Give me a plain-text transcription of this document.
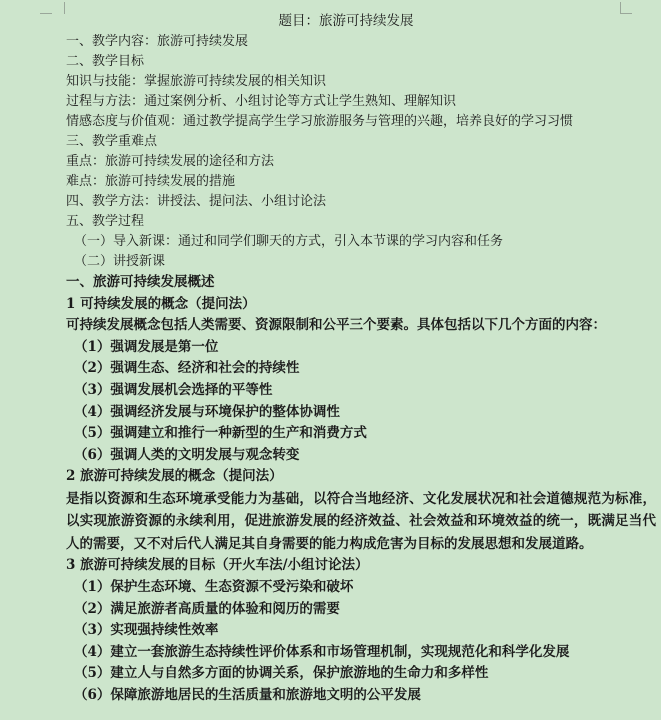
题目：旅游可持续发展
一、教学内容：旅游可持续发展
二、教学目标
知识与技能：掌握旅游可持续发展的相关知识
过程与方法：通过案例分析、小组讨论等方式让学生熟知、理解知识
情感态度与价值观：通过教学提高学生学习旅游服务与管理的兴趣，培养良好的学习习惯
三、教学重难点
重点：旅游可持续发展的途径和方法
难点：旅游可持续发展的措施
四、教学方法：讲授法、提问法、小组讨论法
五、教学过程
（一）导入新课：通过和同学们聊天的方式，引入本节课的学习内容和任务
（二）讲授新课
一、旅游可持续发展概述
1 可持续发展的概念（提问法）
可持续发展概念包括人类需要、资源限制和公平三个要素。具体包括以下几个方面的内容：
（1）强调发展是第一位
（2）强调生态、经济和社会的持续性
（3）强调发展机会选择的平等性
（4）强调经济发展与环境保护的整体协调性
（5）强调建立和推行一种新型的生产和消费方式
（6）强调人类的文明发展与观念转变
2 旅游可持续发展的概念（提问法）
是指以资源和生态环境承受能力为基础，以符合当地经济、文化发展状况和社会道德规范为标准，以实现旅游资源的永续利用，促进旅游发展的经济效益、社会效益和环境效益的统一，既满足当代人的需要，又不对后代人满足其自身需要的能力构成危害为目标的发展思想和发展道路。
3 旅游可持续发展的目标（开火车法/小组讨论法）
（1）保护生态环境、生态资源不受污染和破坏
（2）满足旅游者高质量的体验和阅历的需要
（3）实现强持续性效率
（4）建立一套旅游生态持续性评价体系和市场管理机制，实现规范化和科学化发展
（5）建立人与自然多方面的协调关系，保护旅游地的生命力和多样性
（6）保障旅游地居民的生活质量和旅游地文明的公平发展
